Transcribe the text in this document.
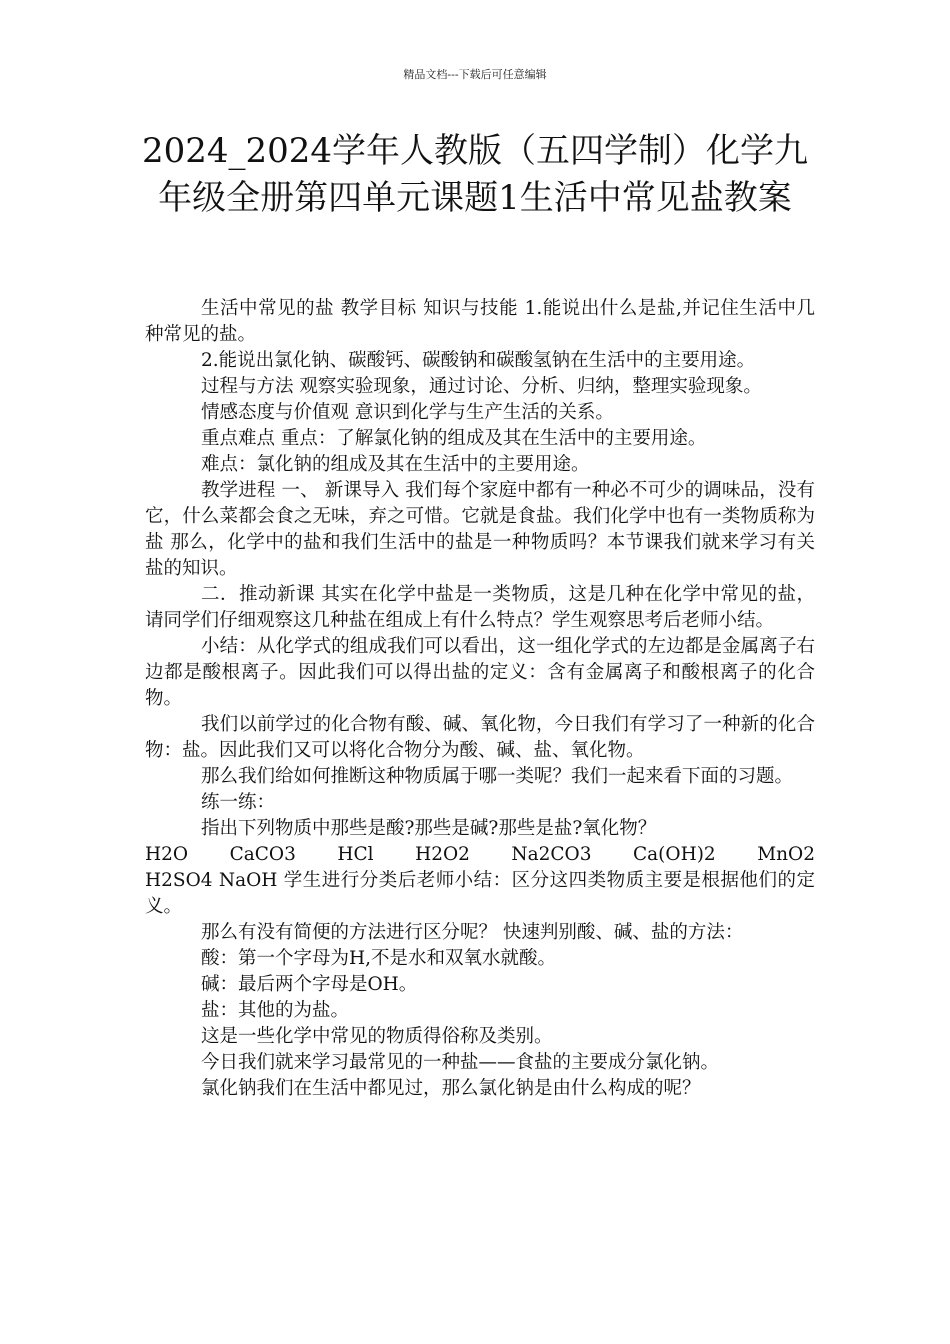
精品文档---下载后可任意编辑
2024_2024学年人教版（五四学制）化学九年级全册第四单元课题1生活中常见盐教案

生活中常见的盐 教学目标 知识与技能 1.能说出什么是盐,并记住生活中几种常见的盐。

2.能说出氯化钠、碳酸钙、碳酸钠和碳酸氢钠在生活中的主要用途。

过程与方法 观察实验现象，通过讨论、分析、归纳，整理实验现象。

情感态度与价值观 意识到化学与生产生活的关系。

重点难点 重点：了解氯化钠的组成及其在生活中的主要用途。

难点：氯化钠的组成及其在生活中的主要用途。

教学进程 一、 新课导入 我们每个家庭中都有一种必不可少的调味品，没有它，什么菜都会食之无味，弃之可惜。它就是食盐。我们化学中也有一类物质称为盐 那么，化学中的盐和我们生活中的盐是一种物质吗？本节课我们就来学习有关盐的知识。

二．推动新课 其实在化学中盐是一类物质，这是几种在化学中常见的盐，请同学们仔细观察这几种盐在组成上有什么特点？学生观察思考后老师小结。

小结：从化学式的组成我们可以看出，这一组化学式的左边都是金属离子右边都是酸根离子。因此我们可以得出盐的定义：含有金属离子和酸根离子的化合物。

我们以前学过的化合物有酸、碱、氧化物，今日我们有学习了一种新的化合物：盐。因此我们又可以将化合物分为酸、碱、盐、氧化物。

那么我们给如何推断这种物质属于哪一类呢？我们一起来看下面的习题。

练一练：

指出下列物质中那些是酸?那些是碱?那些是盐?氧化物？

H2O CaCO3 HCl H2O2 Na2CO3 Ca(OH)2 MnO2

H2SO4 NaOH 学生进行分类后老师小结：区分这四类物质主要是根据他们的定义。

那么有没有简便的方法进行区分呢？ 快速判别酸、碱、盐的方法：

酸：第一个字母为H,不是水和双氧水就酸。

碱：最后两个字母是OH。

盐：其他的为盐。

这是一些化学中常见的物质得俗称及类别。

今日我们就来学习最常见的一种盐——食盐的主要成分氯化钠。

氯化钠我们在生活中都见过，那么氯化钠是由什么构成的呢？
